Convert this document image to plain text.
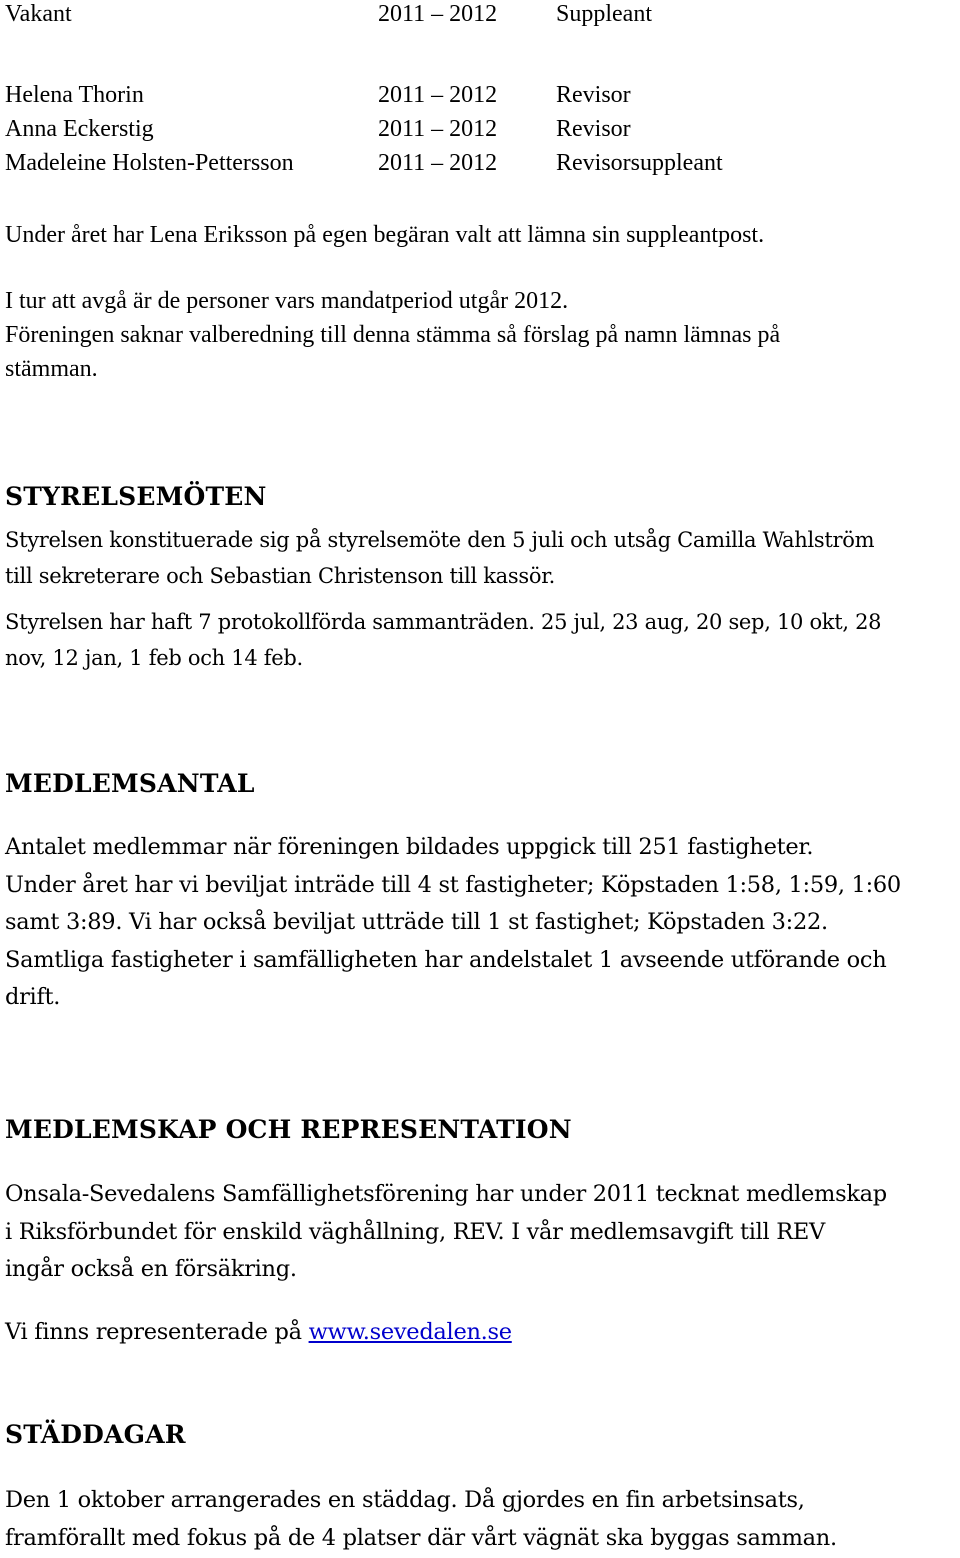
Vakant	2011 – 2012 Suppleant
Helena Thorin	2011 – 2012 Revisor
Anna Eckerstig	2011 – 2012 Revisor
Madeleine Holsten-Pettersson	2011 – 2012 Revisorsuppleant

Under året har Lena Eriksson på egen begäran valt att lämna sin suppleantpost.

I tur att avgå är de personer vars mandatperiod utgår 2012.

Föreningen saknar valberedning till denna stämma så förslag på namn lämnas på

stämman.

STYRELSEMÖTEN

Styrelsen konstituerade sig på styrelsemöte den 5 juli och utsåg Camilla Wahlström

till sekreterare och Sebastian Christenson till kassör.

Styrelsen har haft 7 protokollförda sammanträden. 25 jul, 23 aug, 20 sep, 10 okt, 28

nov, 12 jan, 1 feb och 14 feb.

MEDLEMSANTAL

Antalet medlemmar när föreningen bildades uppgick till 251 fastigheter.

Under året har vi beviljat inträde till 4 st fastigheter; Köpstaden 1:58, 1:59, 1:60

samt 3:89. Vi har också beviljat utträde till 1 st fastighet; Köpstaden 3:22.

Samtliga fastigheter i samfälligheten har andelstalet 1 avseende utförande och

drift.

MEDLEMSKAP OCH REPRESENTATION

Onsala-Sevedalens Samfällighetsförening har under 2011 tecknat medlemskap

i Riksförbundet för enskild väghållning, REV. I vår medlemsavgift till REV

ingår också en försäkring.

Vi finns representerade på www.sevedalen.se

STÄDDAGAR

Den 1 oktober arrangerades en städdag. Då gjordes en fin arbetsinsats,

framförallt med fokus på de 4 platser där vårt vägnät ska byggas samman.
